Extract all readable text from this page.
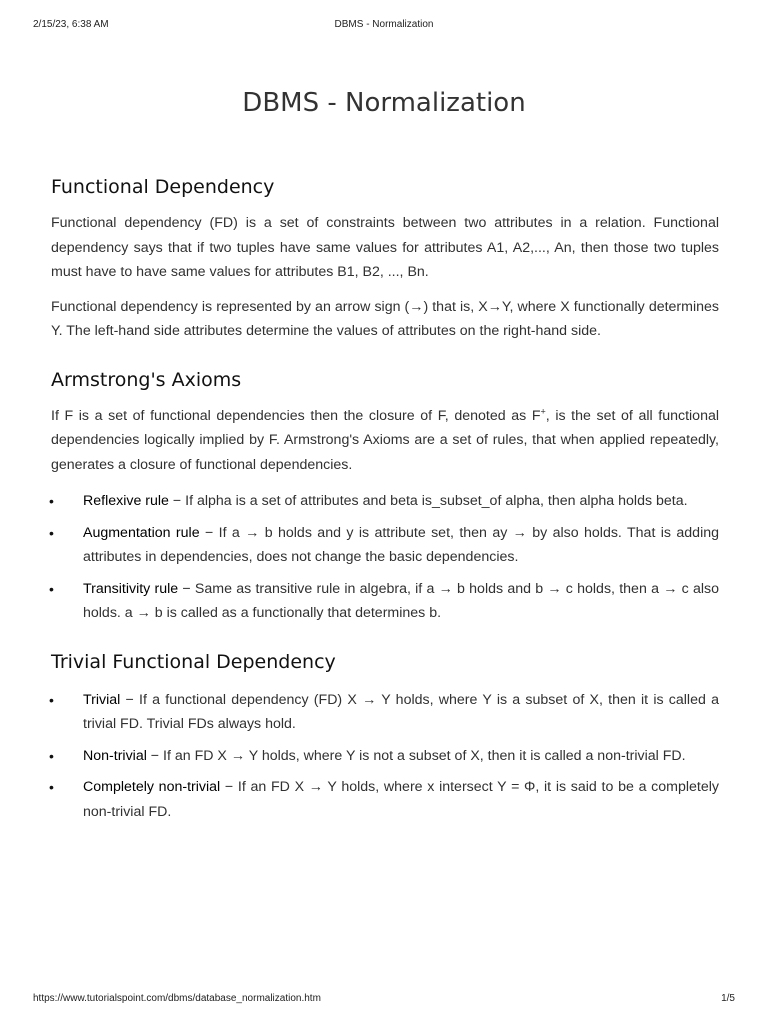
2/15/23, 6:38 AM	DBMS - Normalization
DBMS - Normalization
Functional Dependency

Functional dependency (FD) is a set of constraints between two attributes in a relation. Functional dependency says that if two tuples have same values for attributes A1, A2,..., An, then those two tuples must have to have same values for attributes B1, B2, ..., Bn.

Functional dependency is represented by an arrow sign (→) that is, X→Y, where X functionally determines Y. The left-hand side attributes determine the values of attributes on the right-hand side.

Armstrong's Axioms

If F is a set of functional dependencies then the closure of F, denoted as F+, is the set of all functional dependencies logically implied by F. Armstrong's Axioms are a set of rules, that when applied repeatedly, generates a closure of functional dependencies.

• Reflexive rule − If alpha is a set of attributes and beta is_subset_of alpha, then alpha holds beta.
• Augmentation rule − If a → b holds and y is attribute set, then ay → by also holds. That is adding attributes in dependencies, does not change the basic dependencies.
• Transitivity rule − Same as transitive rule in algebra, if a → b holds and b → c holds, then a → c also holds. a → b is called as a functionally that determines b.
Trivial Functional Dependency
• Trivial − If a functional dependency (FD) X → Y holds, where Y is a subset of X, then it is called a trivial FD. Trivial FDs always hold.
• Non-trivial − If an FD X → Y holds, where Y is not a subset of X, then it is called a non-trivial FD.
• Completely non-trivial − If an FD X → Y holds, where x intersect Y = Φ, it is said to be a completely non-trivial FD.
https://www.tutorialspoint.com/dbms/database_normalization.htm	1/5
